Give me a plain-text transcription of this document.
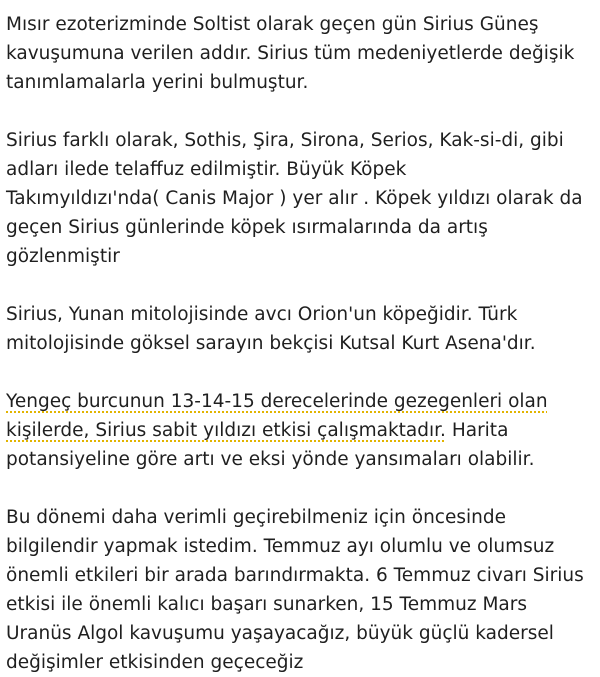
Mısır ezoterizminde Soltist olarak geçen gün Sirius Güneş
kavuşumuna verilen addır. Sirius tüm medeniyetlerde değişik
tanımlamalarla yerini bulmuştur.
Sirius farklı olarak, Sothis, Şira, Sirona, Serios, Kak-si-di, gibi
adları ilede telaffuz edilmiştir. Büyük Köpek
Takımyıldızı'nda( Canis Major ) yer alır . Köpek yıldızı olarak da
geçen Sirius günlerinde köpek ısırmalarında da artış
gözlenmiştir
Sirius, Yunan mitolojisinde avcı Orion'un köpeğidir. Türk
mitolojisinde göksel sarayın bekçisi Kutsal Kurt Asena'dır.
Yengeç burcunun 13-14-15 derecelerinde gezegenleri olan
kişilerde, Sirius sabit yıldızı etkisi çalışmaktadır. Harita
potansiyeline göre artı ve eksi yönde yansımaları olabilir.
Bu dönemi daha verimli geçirebilmeniz için öncesinde
bilgilendir yapmak istedim. Temmuz ayı olumlu ve olumsuz
önemli etkileri bir arada barındırmakta. 6 Temmuz civarı Sirius
etkisi ile önemli kalıcı başarı sunarken, 15 Temmuz Mars
Uranüs Algol kavuşumu yaşayacağız, büyük güçlü kadersel
değişimler etkisinden geçeceğiz
